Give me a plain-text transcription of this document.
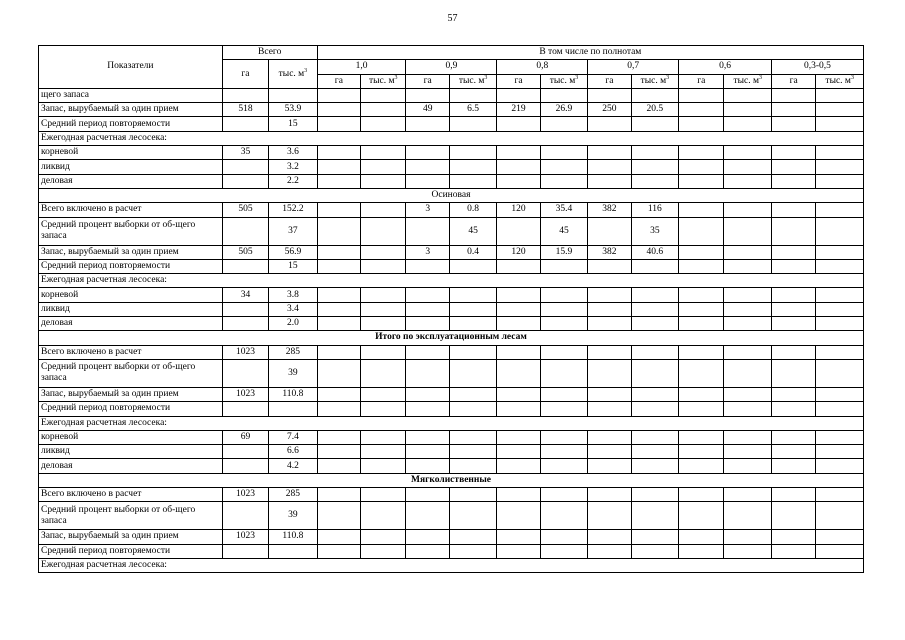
57
Показатели	Всего		В том числе по полнотам											
	га	тыс. $м^3$	1,0		0,9		0,8		0,7		0,6		0,3-0,5	
			га	тыс. $м^3$	га	тыс. $м^3$	га	тыс. $м^3$	га	тыс. $м^3$	га	тыс. $м^3$	га	тыс. $м^3$
щего запаса														
Запас, вырубаемый за один прием	518	53.9			49	6.5	219	26.9	250	20.5				
Средний период повторяемости		15												
Ежегодная расчетная лесосека:														
корневой	35	3.6												
ликвид		3.2												
деловая		2.2												
Осиновая														
Всего включено в расчет	505	152.2			3	0.8	120	35.4	382	116				
Средний процент выборки от об-щего запаса		37				45		45		35				
Запас, вырубаемый за один прием	505	56.9			3	0.4	120	15.9	382	40.6				
Средний период повторяемости		15												
Ежегодная расчетная лесосека:														
корневой	34	3.8												
ликвид		3.4												
деловая		2.0												
Итого по эксплуатационным лесам														
Всего включено в расчет	1023	285												
Средний процент выборки от об-щего запаса		39												
Запас, вырубаемый за один прием	1023	110.8												
Средний период повторяемости														
Ежегодная расчетная лесосека:														
корневой	69	7.4												
ликвид		6.6												
деловая		4.2												
Мягколиственные														
Всего включено в расчет	1023	285												
Средний процент выборки от об-щего запаса		39												
Запас, вырубаемый за один прием	1023	110.8												
Средний период повторяемости														
Ежегодная расчетная лесосека:														
